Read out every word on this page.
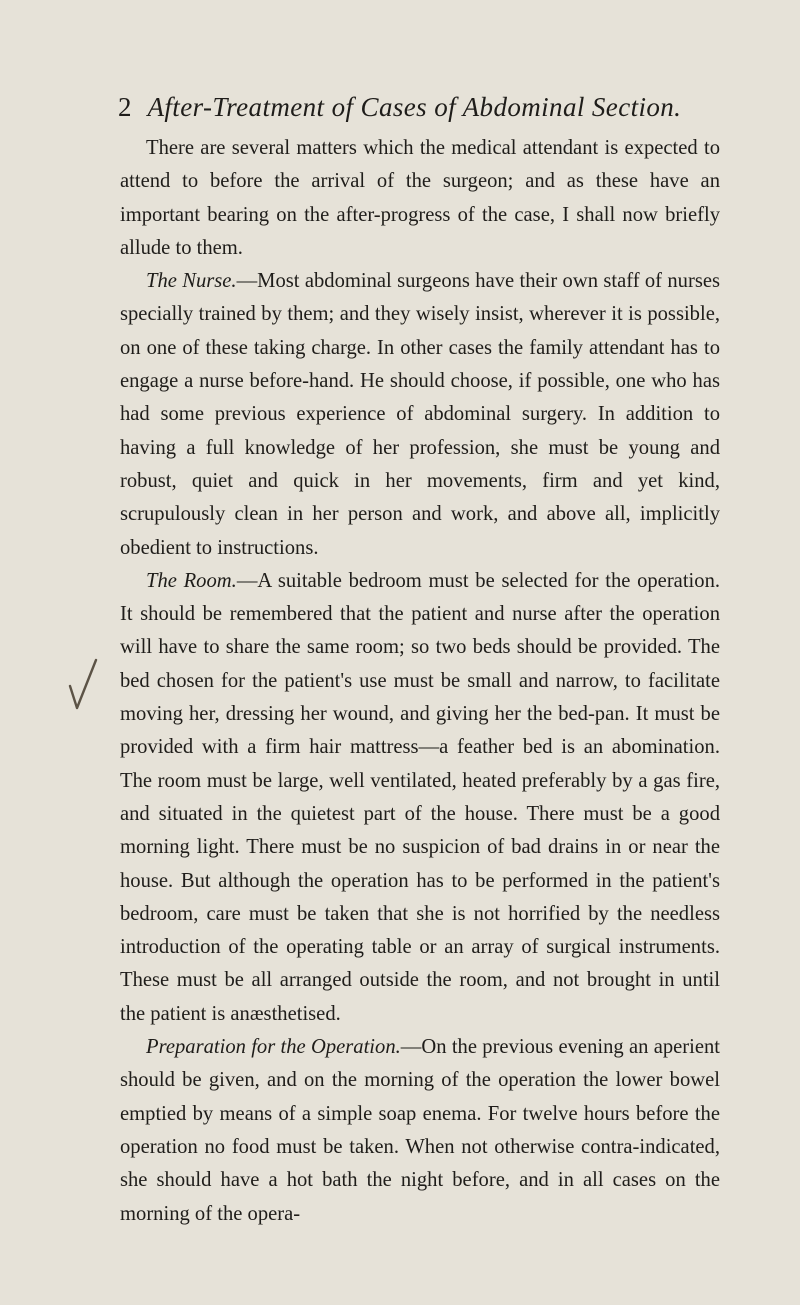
2 After-Treatment of Cases of Abdominal Section.

There are several matters which the medical attendant is expected to attend to before the arrival of the surgeon; and as these have an important bearing on the after-progress of the case, I shall now briefly allude to them.

The Nurse.—Most abdominal surgeons have their own staff of nurses specially trained by them; and they wisely insist, wherever it is possible, on one of these taking charge. In other cases the family attendant has to engage a nurse before-hand. He should choose, if possible, one who has had some previous experience of abdominal surgery. In addition to having a full knowledge of her profession, she must be young and robust, quiet and quick in her movements, firm and yet kind, scrupulously clean in her person and work, and above all, implicitly obedient to instructions.

The Room.—A suitable bedroom must be selected for the operation. It should be remembered that the patient and nurse after the operation will have to share the same room; so two beds should be provided. The bed chosen for the patient's use must be small and narrow, to facilitate moving her, dressing her wound, and giving her the bed-pan. It must be provided with a firm hair mattress—a feather bed is an abomination. The room must be large, well ventilated, heated preferably by a gas fire, and situated in the quietest part of the house. There must be a good morning light. There must be no suspicion of bad drains in or near the house. But although the operation has to be performed in the patient's bedroom, care must be taken that she is not horrified by the needless introduction of the operating table or an array of surgical instruments. These must be all arranged outside the room, and not brought in until the patient is anæsthetised.

Preparation for the Operation.—On the previous evening an aperient should be given, and on the morning of the operation the lower bowel emptied by means of a simple soap enema. For twelve hours before the operation no food must be taken. When not otherwise contra-indicated, she should have a hot bath the night before, and in all cases on the morning of the opera-
